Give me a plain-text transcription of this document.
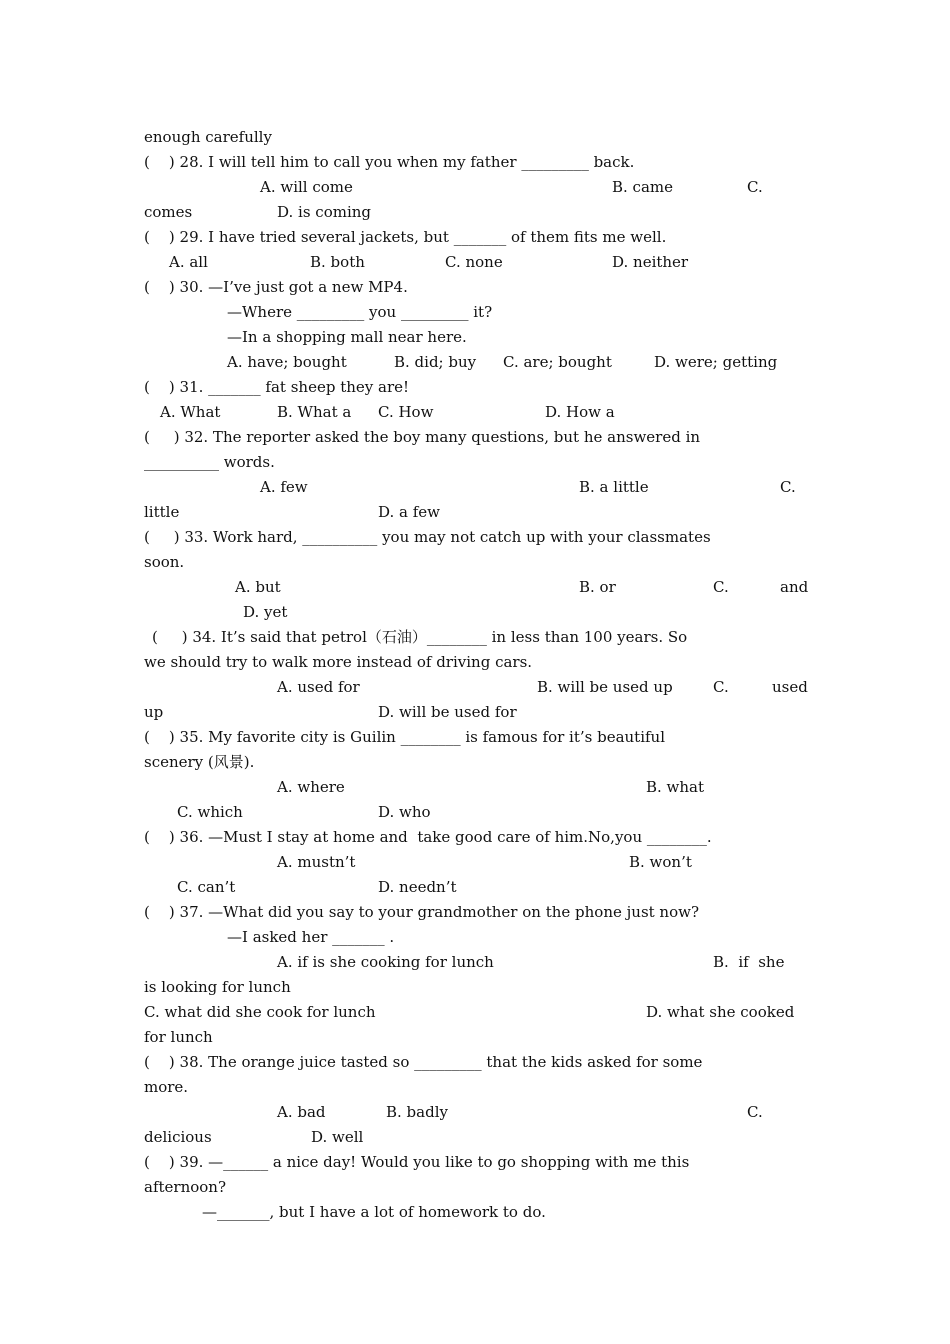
enough carefully
(    ) 28. I will tell him to call you when my father _________ back.
A. will come	B. came	C.
comes	D. is coming
(    ) 29. I have tried several jackets, but _______ of them fits me well.
A. all	B. both	C. none	D. neither
(    ) 30. —I’ve just got a new MP4.
—Where _________ you _________ it?
—In a shopping mall near here.
A. have; bought	B. did; buy C. are; bought	D. were; getting
(    ) 31. _______ fat sheep they are!
A. What	B. What a C. How	D. How a
(     ) 32. The reporter asked the boy many questions, but he answered in
__________ words.
A. few	B. a little	C.
little	D. a few
(     ) 33. Work hard, __________ you may not catch up with your classmates
soon.
A. but	B. or	C.	and
D. yet
(     ) 34. It’s said that petrol（石油）________ in less than 100 years. So
we should try to walk more instead of driving cars.
A. used for	B. will be used up	C.	used
up	D. will be used for
(    ) 35. My favorite city is Guilin ________ is famous for it’s beautiful
scenery (风景).
A. where	B. what
C. which	D. who
(    ) 36. —Must I stay at home and  take good care of him.No,you ________.
A. mustn’t	B. won’t
C. can’t	D. needn’t
(    ) 37. —What did you say to your grandmother on the phone just now?
—I asked her _______ .
A. if is she cooking for lunch	B.  if  she
is looking for lunch
C. what did she cook for lunch	D. what she cooked
for lunch
(    ) 38. The orange juice tasted so _________ that the kids asked for some
more.
A. bad	B. badly	C.
delicious	D. well
(    ) 39. —______ a nice day! Would you like to go shopping with me this
afternoon?
—_______, but I have a lot of homework to do.
